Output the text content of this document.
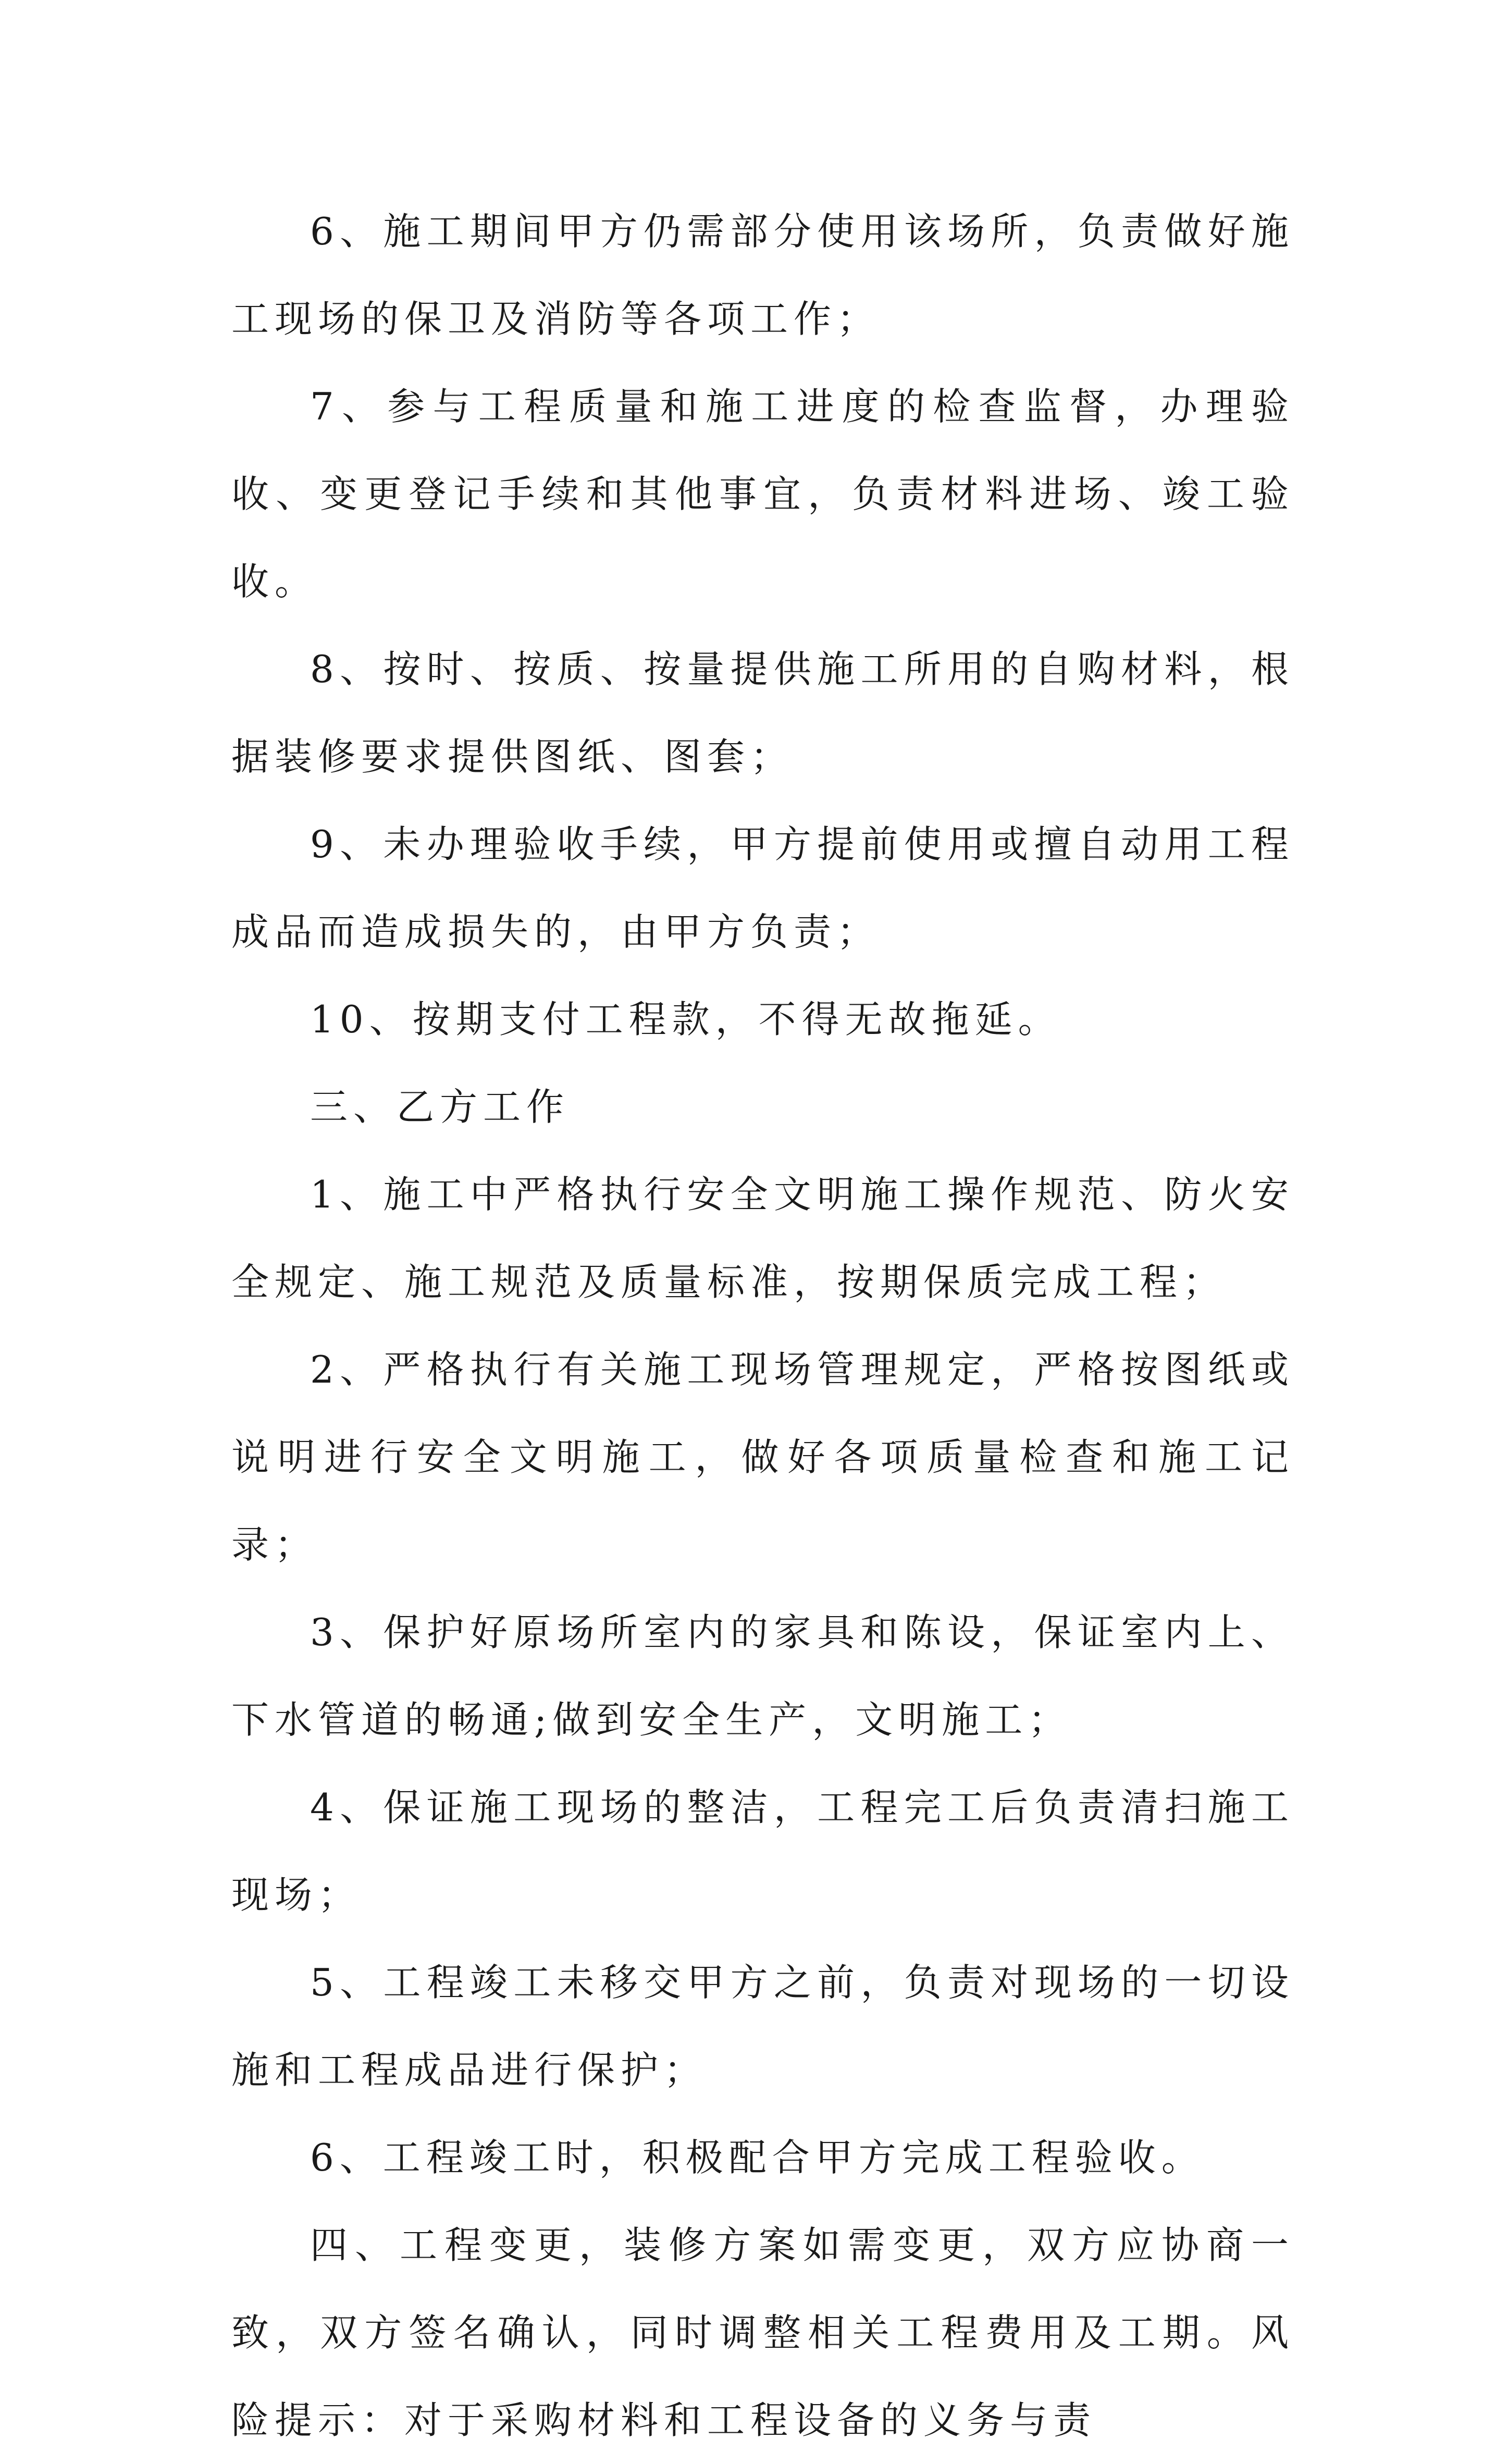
6、施工期间甲方仍需部分使用该场所，负责做好施工现场的保卫及消防等各项工作；

7、参与工程质量和施工进度的检查监督，办理验收、变更登记手续和其他事宜，负责材料进场、竣工验收。

8、按时、按质、按量提供施工所用的自购材料，根据装修要求提供图纸、图套；

9、未办理验收手续，甲方提前使用或擅自动用工程成品而造成损失的，由甲方负责；

10、按期支付工程款，不得无故拖延。

三、乙方工作

1、施工中严格执行安全文明施工操作规范、防火安全规定、施工规范及质量标准，按期保质完成工程；

2、严格执行有关施工现场管理规定，严格按图纸或说明进行安全文明施工，做好各项质量检查和施工记录；

3、保护好原场所室内的家具和陈设，保证室内上、下水管道的畅通;做到安全生产，文明施工；

4、保证施工现场的整洁，工程完工后负责清扫施工现场；

5、工程竣工未移交甲方之前，负责对现场的一切设施和工程成品进行保护；

6、工程竣工时，积极配合甲方完成工程验收。

四、工程变更，装修方案如需变更，双方应协商一致，双方签名确认，同时调整相关工程费用及工期。风险提示：对于采购材料和工程设备的义务与责
